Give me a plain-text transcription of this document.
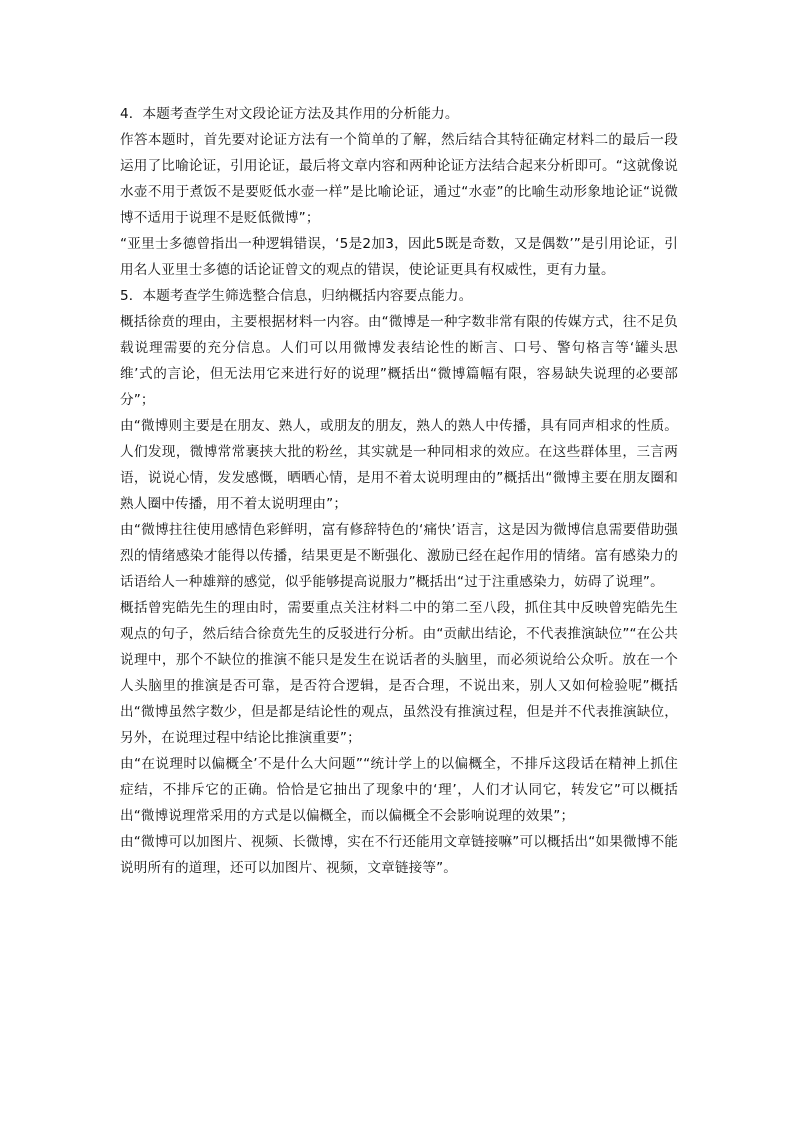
4．本题考查学生对文段论证方法及其作用的分析能力。

作答本题时，首先要对论证方法有一个简单的了解，然后结合其特征确定材料二的最后一段运用了比喻论证，引用论证，最后将文章内容和两种论证方法结合起来分析即可。“这就像说水壶不用于煮饭不是要贬低水壶一样”是比喻论证，通过“水壶”的比喻生动形象地论证“说微博不适用于说理不是贬低微博”；

“亚里士多德曾指出一种逻辑错误，‘5是2加3，因此5既是奇数，又是偶数’”是引用论证，引用名人亚里士多德的话论证曾文的观点的错误，使论证更具有权威性，更有力量。

5．本题考查学生筛选整合信息，归纳概括内容要点能力。

概括徐贲的理由，主要根据材料一内容。由“微博是一种字数非常有限的传媒方式，往不足负载说理需要的充分信息。人们可以用微博发表结论性的断言、口号、警句格言等‘罐头思维’式的言论，但无法用它来进行好的说理”概括出“微博篇幅有限，容易缺失说理的必要部分”；

由“微博则主要是在朋友、熟人，或朋友的朋友，熟人的熟人中传播，具有同声相求的性质。人们发现，微博常常裹挟大批的粉丝，其实就是一种同相求的效应。在这些群体里，三言两语，说说心情，发发感慨，晒晒心情，是用不着太说明理由的”概括出“微博主要在朋友圈和熟人圈中传播，用不着太说明理由”；

由“微博拄往使用感情色彩鲜明，富有修辞特色的‘痛快’语言，这是因为微博信息需要借助强烈的情绪感染才能得以传播，结果更是不断强化、激励已经在起作用的情绪。富有感染力的话语给人一种雄辩的感觉，似乎能够提高说服力”概括出“过于注重感染力，妨碍了说理”。

概括曾宪皓先生的理由时，需要重点关注材料二中的第二至八段，抓住其中反映曾宪皓先生观点的句子，然后结合徐贲先生的反驳进行分析。由“贡献出结论，不代表推演缺位”“在公共说理中，那个不缺位的推演不能只是发生在说话者的头脑里，而必须说给公众听。放在一个人头脑里的推演是否可靠，是否符合逻辑，是否合理，不说出来，别人又如何检验呢”概括出“微博虽然字数少，但是都是结论性的观点，虽然没有推演过程，但是并不代表推演缺位，另外，在说理过程中结论比推演重要”；

由“在说理时以偏概全’不是什么大问题”“统计学上的以偏概全，不排斥这段话在精神上抓住症结，不排斥它的正确。恰恰是它抽出了现象中的‘理’，人们才认同它，转发它”可以概括出“微博说理常采用的方式是以偏概全，而以偏概全不会影响说理的效果”；

由“微博可以加图片、视频、长微博，实在不行还能用文章链接嘛”可以概括出“如果微博不能说明所有的道理，还可以加图片、视频，文章链接等”。
